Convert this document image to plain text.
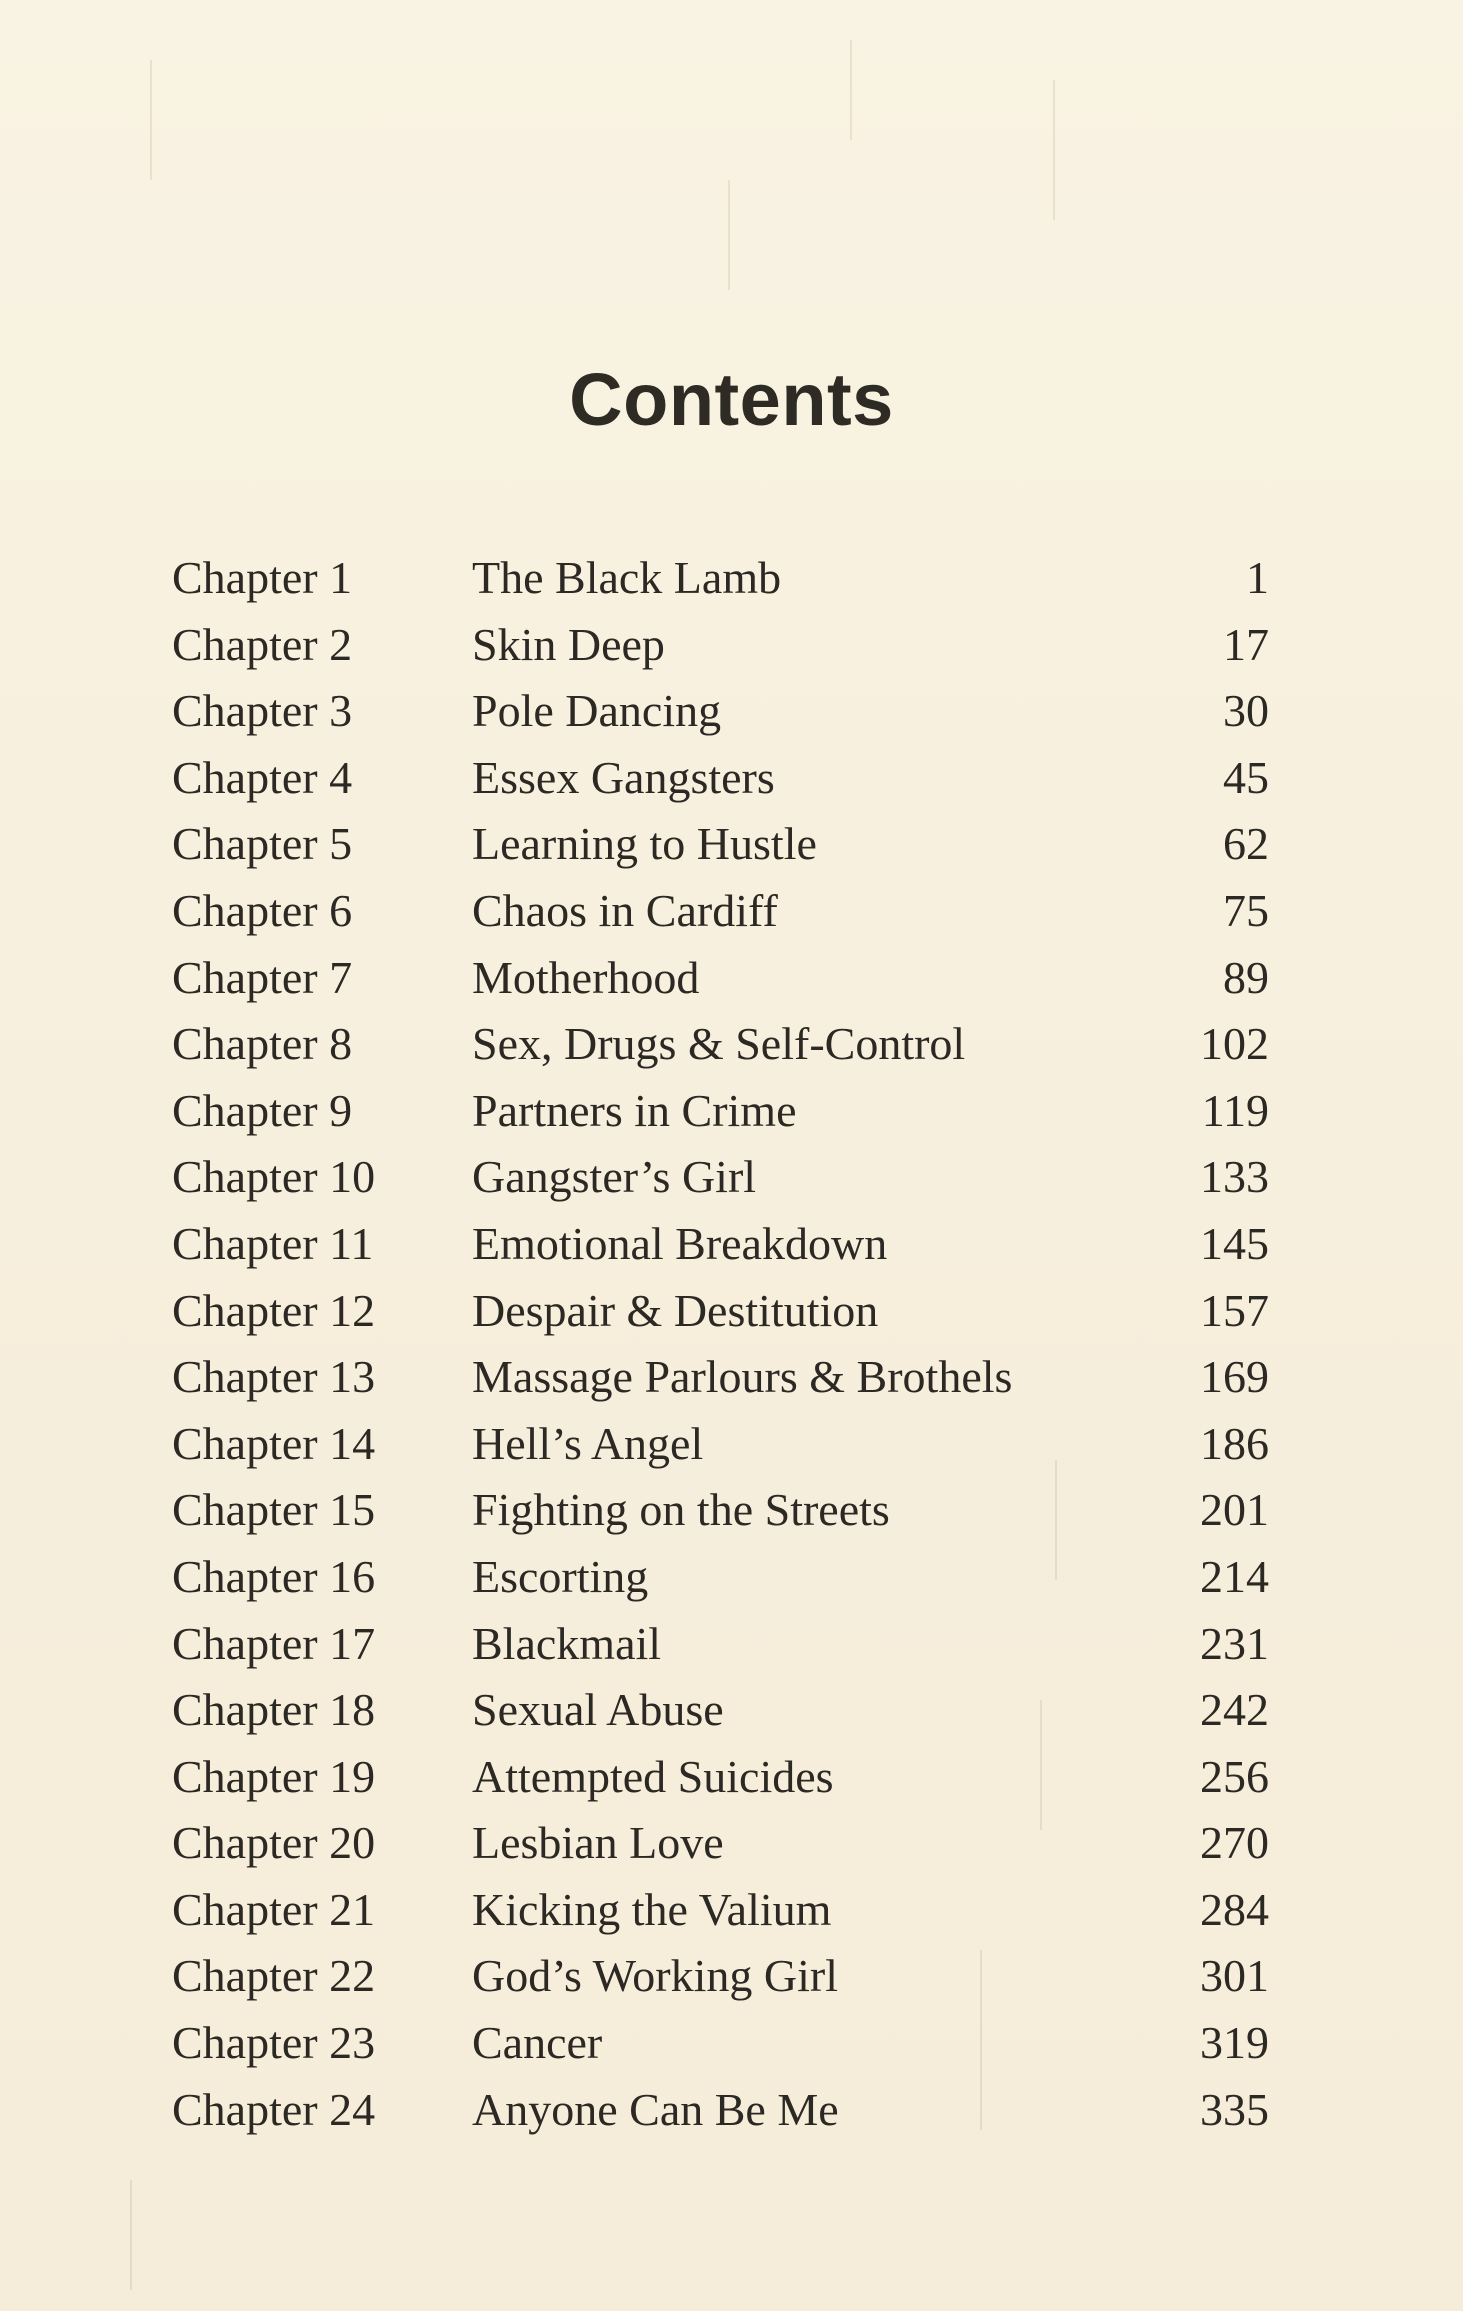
Contents
Chapter 1	The Black Lamb	1
Chapter 2	Skin Deep	17
Chapter 3	Pole Dancing	30
Chapter 4	Essex Gangsters	45
Chapter 5	Learning to Hustle	62
Chapter 6	Chaos in Cardiff	75
Chapter 7	Motherhood	89
Chapter 8	Sex, Drugs & Self-Control	102
Chapter 9	Partners in Crime	119
Chapter 10 Gangster’s Girl	133
Chapter 11 Emotional Breakdown	145
Chapter 12 Despair & Destitution	157
Chapter 13 Massage Parlours & Brothels	169
Chapter 14 Hell’s Angel	186
Chapter 15 Fighting on the Streets	201
Chapter 16 Escorting	214
Chapter 17 Blackmail	231
Chapter 18 Sexual Abuse	242
Chapter 19 Attempted Suicides	256
Chapter 20 Lesbian Love	270
Chapter 21 Kicking the Valium	284
Chapter 22 God’s Working Girl	301
Chapter 23 Cancer	319
Chapter 24 Anyone Can Be Me	335
